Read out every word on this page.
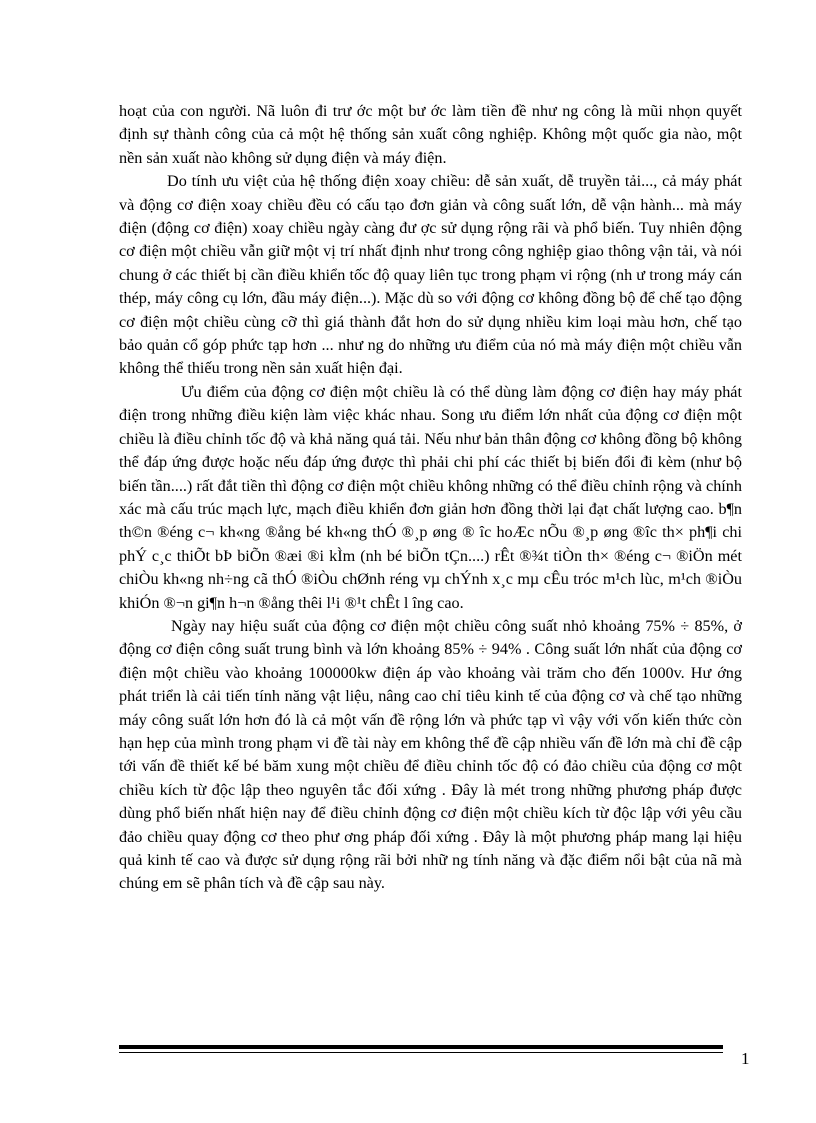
hoạt của con người. Nã luôn đi trư ớc một bư ớc làm tiền đề như ng công là mũi nhọn quyết định sự thành công của cả một hệ thống sản xuất công nghiệp. Không một quốc gia nào, một nền sản xuất nào không sử dụng điện và máy điện.

Do tính ưu việt của hệ thống điện xoay chiều: dễ sản xuất, dễ truyền tải..., cả máy phát và động cơ điện xoay chiều đều có cấu tạo đơn giản và công suất lớn, dễ vận hành... mà máy điện (động cơ điện) xoay chiều ngày càng đư ợc sử dụng rộng rãi và phổ biến. Tuy nhiên động cơ điện một chiều vẫn giữ một vị trí nhất định như trong công nghiệp giao thông vận tải, và nói chung ở các thiết bị cần điều khiển tốc độ quay liên tục trong phạm vi rộng (nh ư trong máy cán thép, máy công cụ lớn, đầu máy điện...). Mặc dù so với động cơ không đồng bộ để chế tạo động cơ điện một chiều cùng cỡ thì giá thành đắt hơn do sử dụng nhiều kim loại màu hơn, chế tạo bảo quản cổ góp phức tạp hơn ... như ng do những ưu điểm của nó mà máy điện một chiều vẫn không thể thiếu trong nền sản xuất hiện đại.

Ưu điểm của động cơ điện một chiều là có thể dùng làm động cơ điện hay máy phát điện trong những điều kiện làm việc khác nhau. Song ưu điểm lớn nhất của động cơ điện một chiều là điều chỉnh tốc độ và khả năng quá tải. Nếu như bản thân động cơ không đồng bộ không thể đáp ứng được hoặc nếu đáp ứng được thì phải chi phí các thiết bị biến đổi đi kèm (như bộ biến tần....) rất đắt tiền thì động cơ điện một chiều không những có thể điều chỉnh rộng và chính xác mà cấu trúc mạch lực, mạch điều khiển đơn giản hơn đồng thời lại đạt chất lượng cao. b¶n th©n ®éng c¬ kh«ng ®ång bé kh«ng thÓ ®¸p øng ® îc hoÆc nÕu ®¸p øng ®îc th× ph¶i chi phÝ c¸c thiÕt bÞ biÕn ®æi ®i kÌm (nh bé biÕn tÇn....) rÊt ®¾t tiÒn th× ®éng c¬ ®iÖn mét chiÒu kh«ng nh÷ng cã thÓ ®iÒu chØnh réng vµ chÝnh x¸c mµ cÊu tróc m¹ch lùc, m¹ch ®iÒu khiÓn ®¬n gi¶n h¬n ®ång thêi l¹i ®¹t chÊt l îng cao.

Ngày nay hiệu suất của động cơ điện một chiều công suất nhỏ khoảng 75% ÷ 85%, ở động cơ điện công suất trung bình và lớn khoảng 85% ÷ 94% . Công suất lớn nhất của động cơ điện một chiều vào khoảng 100000kw điện áp vào khoảng vài trăm cho đến 1000v. Hư ớng phát triển là cải tiến tính năng vật liệu, nâng cao chỉ tiêu kinh tế của động cơ và chế tạo những máy công suất lớn hơn đó là cả một vấn đề rộng lớn và phức tạp vì vậy với vốn kiến thức còn hạn hẹp của mình trong phạm vi đề tài này em không thể đề cập nhiều vấn đề lớn mà chỉ đề cập tới vấn đề thiết kế bé băm xung một chiều để điều chỉnh tốc độ có đảo chiều của động cơ một chiều kích từ độc lập theo nguyên tắc đối xứng . Đây là mét trong những phương pháp được dùng phổ biến nhất hiện nay để điều chỉnh động cơ điện một chiều kích từ độc lập với yêu cầu đảo chiều quay động cơ theo phư ơng pháp đối xứng . Đây là một phương pháp mang lại hiệu quả kinh tế cao và được sử dụng rộng rãi bởi nhữ ng tính năng và đặc điểm nổi bật của nã mà chúng em sẽ phân tích và đề cập sau này.

1
